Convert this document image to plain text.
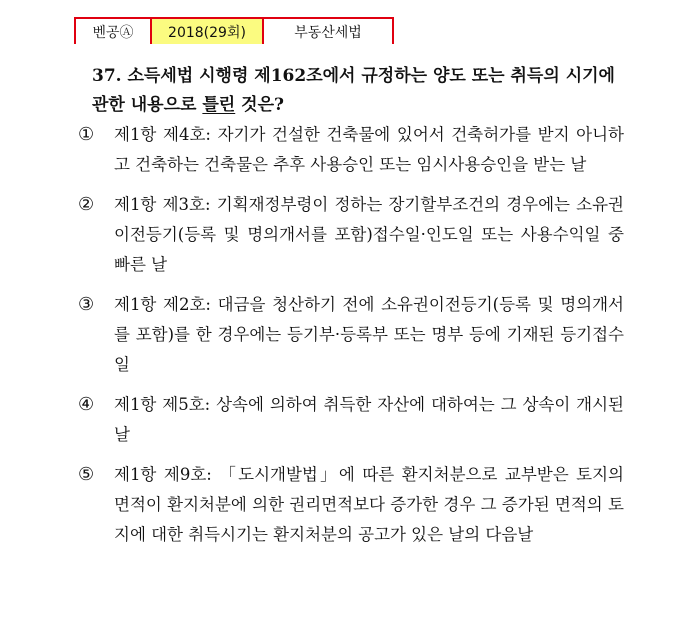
벤공Ⓐ	2018(29회)	부동산세법

37. 소득세법 시행령 제162조에서 규정하는 양도 또는 취득의 시기에 관한 내용으로 틀린 것은?

①	제1항 제4호: 자기가 건설한 건축물에 있어서 건축허가를 받지 아니하고 건축하는 건축물은 추후 사용승인 또는 임시사용승인을 받는 날
②	제1항 제3호: 기획재정부령이 정하는 장기할부조건의 경우에는 소유권이전등기(등록 및 명의개서를 포함)접수일·인도일 또는 사용수익일 중 빠른 날
③	제1항 제2호: 대금을 청산하기 전에 소유권이전등기(등록 및 명의개서를 포함)를 한 경우에는 등기부·등록부 또는 명부 등에 기재된 등기접수일
④	제1항 제5호: 상속에 의하여 취득한 자산에 대하여는 그 상속이 개시된 날
⑤	제1항 제9호: 「도시개발법」에 따른 환지처분으로 교부받은 토지의 면적이 환지처분에 의한 권리면적보다 증가한 경우 그 증가된 면적의 토지에 대한 취득시기는 환지처분의 공고가 있은 날의 다음날
